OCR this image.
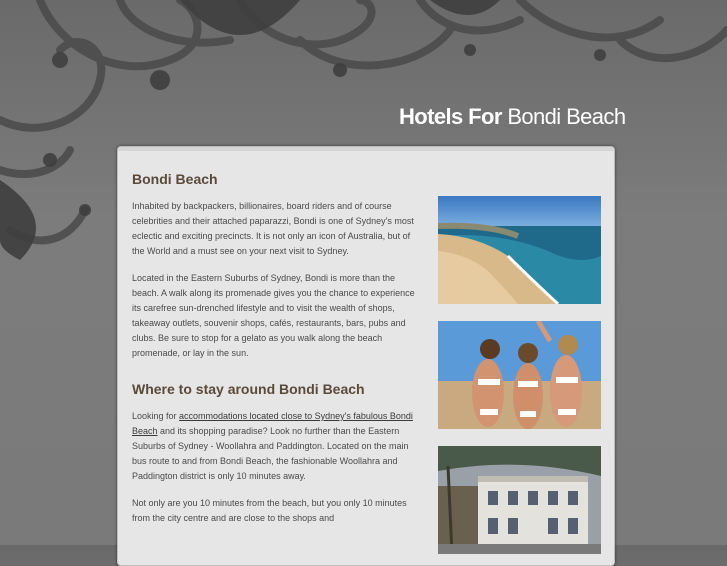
Hotels For Bondi Beach
Bondi Beach

Inhabited by backpackers, billionaires, board riders and of course celebrities and their attached paparazzi, Bondi is one of Sydney's most eclectic and exciting precincts. It is not only an icon of Australia, but of the World and a must see on your next visit to Sydney.

Located in the Eastern Suburbs of Sydney, Bondi is more than the beach. A walk along its promenade gives you the chance to experience its carefree sun-drenched lifestyle and to visit the wealth of shops, takeaway outlets, souvenir shops, cafés, restaurants, bars, pubs and clubs. Be sure to stop for a gelato as you walk along the beach promenade, or lay in the sun.

Where to stay around Bondi Beach

Looking for accommodations located close to Sydney's fabulous Bondi Beach and its shopping paradise? Look no further than the Eastern Suburbs of Sydney - Woollahra and Paddington. Located on the main bus route to and from Bondi Beach, the fashionable Woollahra and Paddington district is only 10 minutes away.

Not only are you 10 minutes from the beach, but you only 10 minutes from the city centre and are close to the shops and
